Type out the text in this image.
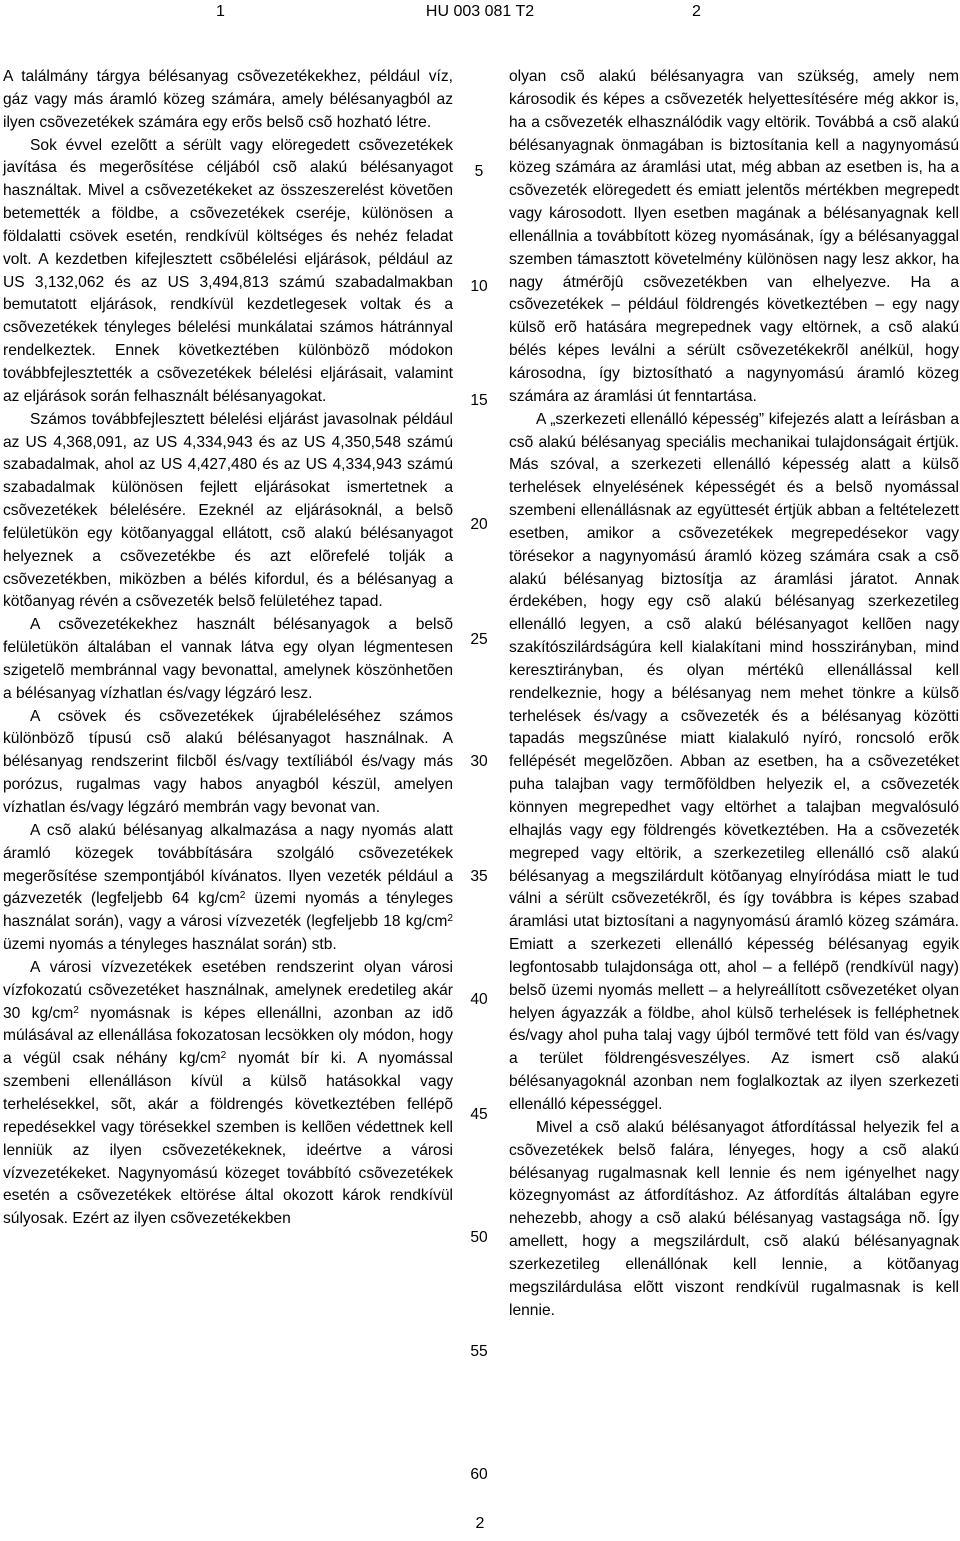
1	HU 003 081 T2	2

A találmány tárgya bélésanyag csõvezetékekhez, például víz, gáz vagy más áramló közeg számára, amely bélésanyagból az ilyen csõvezetékek számára egy erõs belsõ csõ hozható létre.

Sok évvel ezelõtt a sérült vagy elöregedett csõvezetékek javítása és megerõsítése céljából csõ alakú bélésanyagot használtak. Mivel a csõvezetékeket az összeszerelést követõen betemették a földbe, a csõvezetékek cseréje, különösen a földalatti csövek esetén, rendkívül költséges és nehéz feladat volt. A kezdetben kifejlesztett csõbélelési eljárások, például az US 3,132,062 és az US 3,494,813 számú szabadalmakban bemutatott eljárások, rendkívül kezdetlegesek voltak és a csõvezetékek tényleges bélelési munkálatai számos hátránnyal rendelkeztek. Ennek következtében különbözõ módokon továbbfejlesztették a csõvezetékek bélelési eljárásait, valamint az eljárások során felhasznált bélésanyagokat.

Számos továbbfejlesztett bélelési eljárást javasolnak például az US 4,368,091, az US 4,334,943 és az US 4,350,548 számú szabadalmak, ahol az US 4,427,480 és az US 4,334,943 számú szabadalmak különösen fejlett eljárásokat ismertetnek a csõvezetékek bélelésére. Ezeknél az eljárásoknál, a belsõ felületükön egy kötõanyaggal ellátott, csõ alakú bélésanyagot helyeznek a csõvezetékbe és azt elõrefelé tolják a csõvezetékben, miközben a bélés kifordul, és a bélésanyag a kötõanyag révén a csõvezeték belsõ felületéhez tapad.

A csõvezetékekhez használt bélésanyagok a belsõ felületükön általában el vannak látva egy olyan légmentesen szigetelõ membránnal vagy bevonattal, amelynek köszönhetõen a bélésanyag vízhatlan és/vagy légzáró lesz.

A csövek és csõvezetékek újrabéleléséhez számos különbözõ típusú csõ alakú bélésanyagot használnak. A bélésanyag rendszerint filcbõl és/vagy textíliából és/vagy más porózus, rugalmas vagy habos anyagból készül, amelyen vízhatlan és/vagy légzáró membrán vagy bevonat van.

A csõ alakú bélésanyag alkalmazása a nagy nyomás alatt áramló közegek továbbítására szolgáló csõvezetékek megerõsítése szempontjából kívánatos. Ilyen vezeték például a gázvezeték (legfeljebb 64 $kg/cm^2$ üzemi nyomás a tényleges használat során), vagy a városi vízvezeték (legfeljebb 18 $kg/cm^2$ üzemi nyomás a tényleges használat során) stb.

A városi vízvezetékek esetében rendszerint olyan városi vízfokozatú csõvezetéket használnak, amelynek eredetileg akár 30 $kg/cm^2$ nyomásnak is képes ellenállni, azonban az idõ múlásával az ellenállása fokozatosan lecsökken oly módon, hogy a végül csak néhány $kg/cm^2$ nyomát bír ki. A nyomással szembeni ellenálláson kívül a külsõ hatásokkal vagy terhelésekkel, sõt, akár a földrengés következtében fellépõ repedésekkel vagy törésekkel szemben is kellõen védettnek kell lenniük az ilyen csõvezetékeknek, ideértve a városi vízvezetékeket. Nagynyomású közeget továbbító csõvezetékek esetén a csõvezetékek eltörése által okozott károk rendkívül súlyosak. Ezért az ilyen csõvezetékekben

olyan csõ alakú bélésanyagra van szükség, amely nem károsodik és képes a csõvezeték helyettesítésére még akkor is, ha a csõvezeték elhasználódik vagy eltörik. Továbbá a csõ alakú bélésanyagnak önmagában is biztosítania kell a nagynyomású közeg számára az áramlási utat, még abban az esetben is, ha a csõvezeték elöregedett és emiatt jelentõs mértékben megrepedt vagy károsodott. Ilyen esetben magának a bélésanyagnak kell ellenállnia a továbbított közeg nyomásának, így a bélésanyaggal szemben támasztott követelmény különösen nagy lesz akkor, ha nagy átmérõjû csõvezetékben van elhelyezve. Ha a csõvezetékek – például földrengés következtében – egy nagy külsõ erõ hatására megrepednek vagy eltörnek, a csõ alakú bélés képes leválni a sérült csõvezetékekrõl anélkül, hogy károsodna, így biztosítható a nagynyomású áramló közeg számára az áramlási út fenntartása.

A „szerkezeti ellenálló képesség” kifejezés alatt a leírásban a csõ alakú bélésanyag speciális mechanikai tulajdonságait értjük. Más szóval, a szerkezeti ellenálló képesség alatt a külsõ terhelések elnyelésének képességét és a belsõ nyomással szembeni ellenállásnak az együttesét értjük abban a feltételezett esetben, amikor a csõvezetékek megrepedésekor vagy törésekor a nagynyomású áramló közeg számára csak a csõ alakú bélésanyag biztosítja az áramlási járatot. Annak érdekében, hogy egy csõ alakú bélésanyag szerkezetileg ellenálló legyen, a csõ alakú bélésanyagot kellõen nagy szakítószilárdságúra kell kialakítani mind hosszirányban, mind keresztirányban, és olyan mértékû ellenállással kell rendelkeznie, hogy a bélésanyag nem mehet tönkre a külsõ terhelések és/vagy a csõvezeték és a bélésanyag közötti tapadás megszûnése miatt kialakuló nyíró, roncsoló erõk fellépését megelõzõen. Abban az esetben, ha a csõvezetéket puha talajban vagy termõföldben helyezik el, a csõvezeték könnyen megrepedhet vagy eltörhet a talajban megvalósuló elhajlás vagy egy földrengés következtében. Ha a csõvezeték megreped vagy eltörik, a szerkezetileg ellenálló csõ alakú bélésanyag a megszilárdult kötõanyag elnyíródása miatt le tud válni a sérült csõvezetékrõl, és így továbbra is képes szabad áramlási utat biztosítani a nagynyomású áramló közeg számára. Emiatt a szerkezeti ellenálló képesség bélésanyag egyik legfontosabb tulajdonsága ott, ahol – a fellépõ (rendkívül nagy) belsõ üzemi nyomás mellett – a helyreállított csõvezetéket olyan helyen ágyazzák a földbe, ahol külsõ terhelések is felléphetnek és/vagy ahol puha talaj vagy újból termõvé tett föld van és/vagy a terület földrengésveszélyes. Az ismert csõ alakú bélésanyagoknál azonban nem foglalkoztak az ilyen szerkezeti ellenálló képességgel.

Mivel a csõ alakú bélésanyagot átfordítással helyezik fel a csõvezetékek belsõ falára, lényeges, hogy a csõ alakú bélésanyag rugalmasnak kell lennie és nem igényelhet nagy közegnyomást az átfordításhoz. Az átfordítás általában egyre nehezebb, ahogy a csõ alakú bélésanyag vastagsága nõ. Így amellett, hogy a megszilárdult, csõ alakú bélésanyagnak szerkezetileg ellenállónak kell lennie, a kötõanyag megszilárdulása elõtt viszont rendkívül rugalmasnak is kell lennie.

5
10
15
20
25
30
35
40
45
50
55
60
2
